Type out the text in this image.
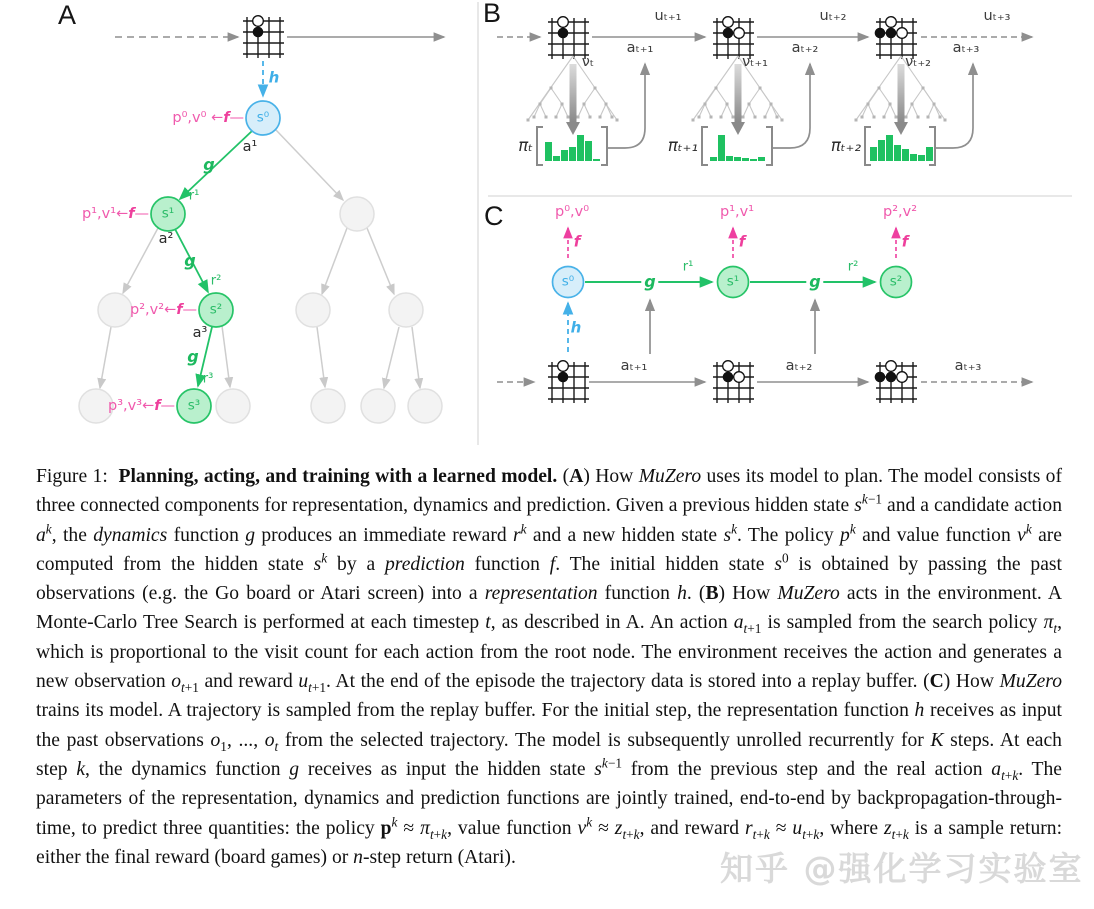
A
h
s⁰
s¹
s²
s³
p⁰,v⁰ ←f—
p¹,v¹←f—
p²,v²←f—
p³,v³←f—
a¹
g
r¹
a²
g
r²
a³
g
r³
B	uₜ₊₁	uₜ₊₂	uₜ₊₃
aₜ₊₁	aₜ₊₂	aₜ₊₃
νₜ	νₜ₊₁	νₜ₊₂
πₜ	πₜ₊₁	πₜ₊₂
C	p⁰,v⁰	p¹,v¹	p²,v²
f	f	f
s⁰	s¹	s²
g	g
r¹	r²
h
aₜ₊₁	aₜ₊₂	aₜ₊₃
Figure 1:  Planning, acting, and training with a learned model. (A) How MuZero uses its model to plan. The model consists of three connected components for representation, dynamics and prediction. Given a previous hidden state $s^{k-1}$ and a candidate action $a^k$, the dynamics function g produces an immediate reward $r^k$ and a new hidden state $s^k$. The policy $p^k$ and value function $v^k$ are computed from the hidden state $s^k$ by a prediction function f. The initial hidden state $s^0$ is obtained by passing the past observations (e.g. the Go board or Atari screen) into a representation function h. (B) How MuZero acts in the environment. A Monte-Carlo Tree Search is performed at each timestep t, as described in A. An action $a_{t+1}$ is sampled from the search policy $\pi_t$, which is proportional to the visit count for each action from the root node. The environment receives the action and generates a new observation $o_{t+1}$ and reward $u_{t+1}$. At the end of the episode the trajectory data is stored into a replay buffer. (C) How MuZero trains its model. A trajectory is sampled from the replay buffer. For the initial step, the representation function h receives as input the past observations $o_1$, ..., $o_t$ from the selected trajectory. The model is subsequently unrolled recurrently for K steps. At each step k, the dynamics function g receives as input the hidden state $s^{k-1}$ from the previous step and the real action $a_{t+k}$. The parameters of the representation, dynamics and prediction functions are jointly trained, end-to-end by backpropagation-through-time, to predict three quantities: the policy $p^k \approx \pi_{t+k}$, value function $v^k \approx z_{t+k}$, and reward $r_{t+k} \approx u_{t+k}$, where $z_{t+k}$ is a sample return: either the final reward (board games) or n-step return (Atari).	知乎 @强化学习实验室
